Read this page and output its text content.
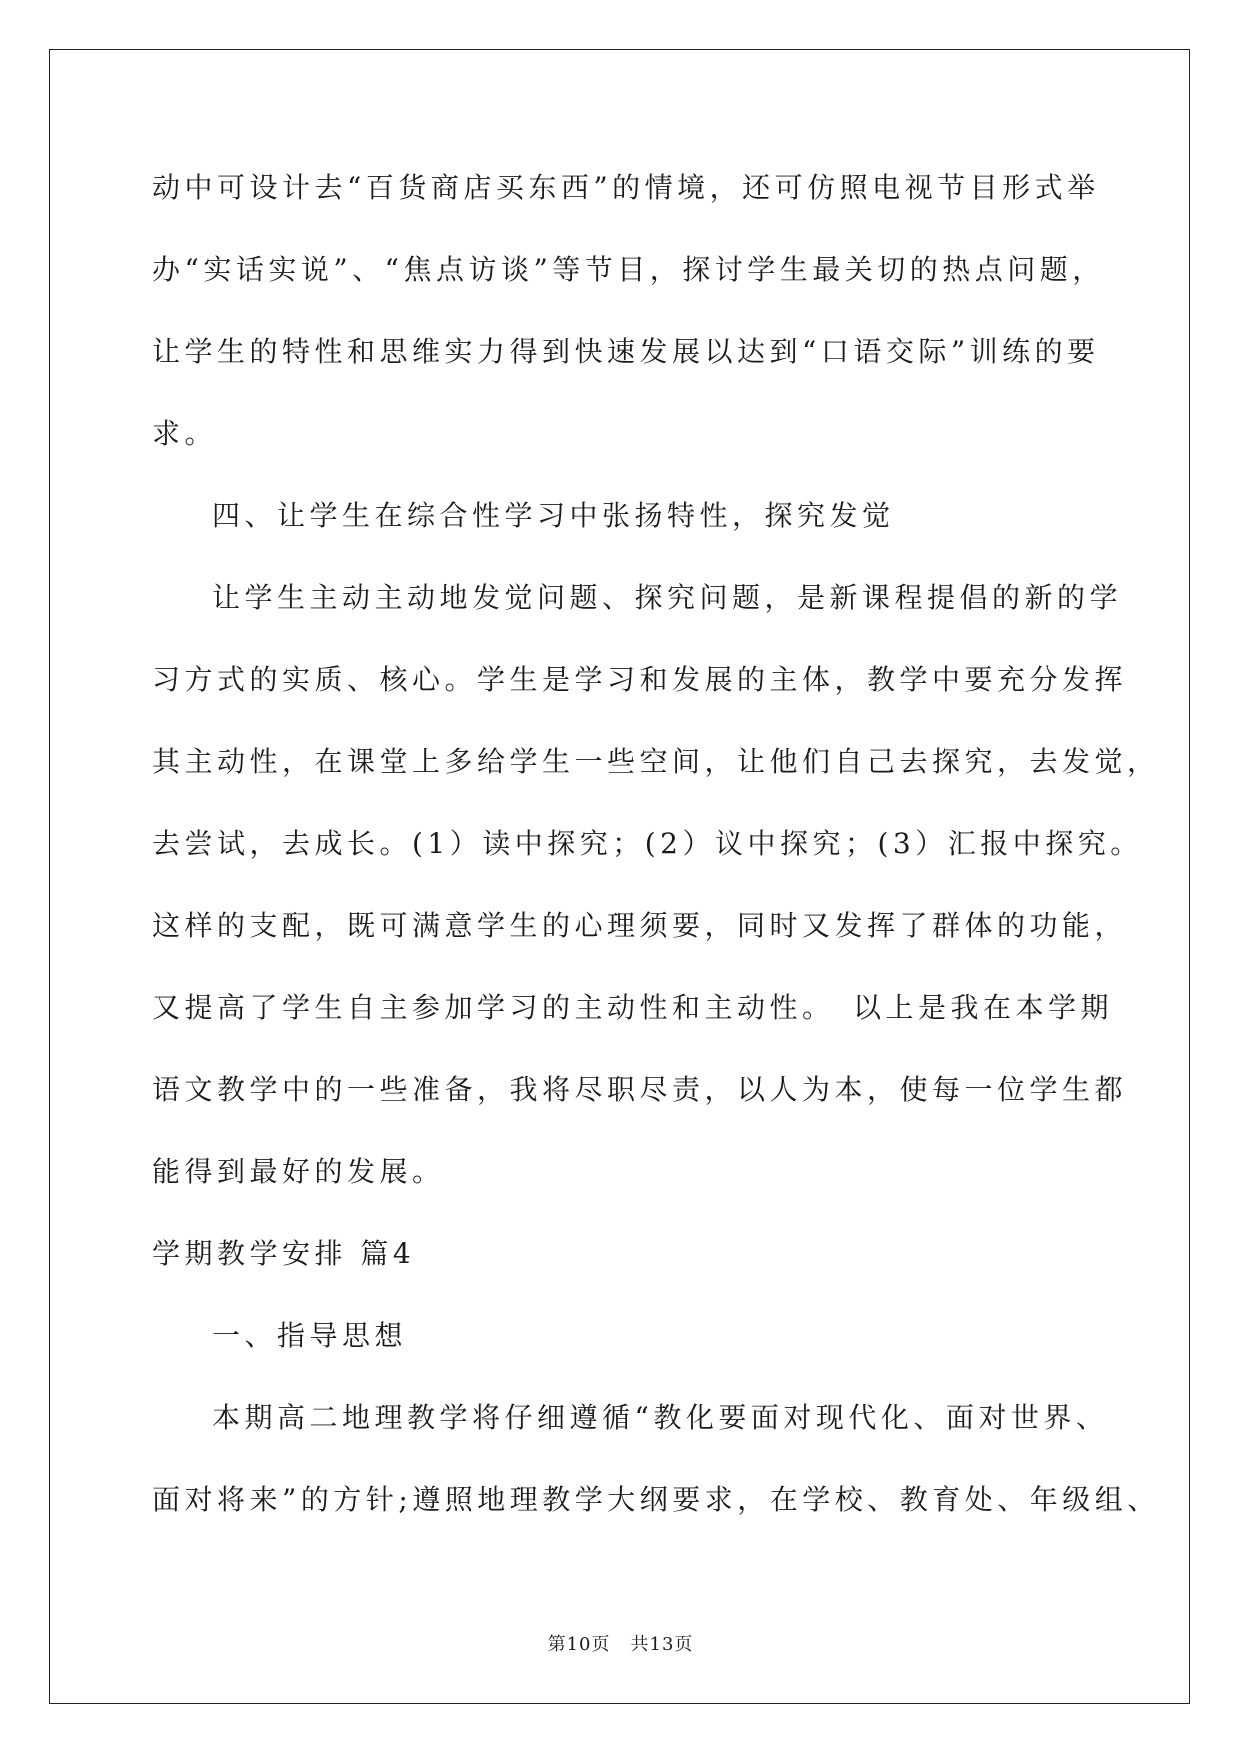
动中可设计去“百货商店买东西”的情境，还可仿照电视节目形式举
办“实话实说”、“焦点访谈”等节目，探讨学生最关切的热点问题，
让学生的特性和思维实力得到快速发展以达到“口语交际”训练的要
求。
四、让学生在综合性学习中张扬特性，探究发觉
让学生主动主动地发觉问题、探究问题，是新课程提倡的新的学
习方式的实质、核心。学生是学习和发展的主体，教学中要充分发挥
其主动性，在课堂上多给学生一些空间，让他们自己去探究，去发觉，
去尝试，去成长。(1）读中探究；(2）议中探究；(3）汇报中探究。
这样的支配，既可满意学生的心理须要，同时又发挥了群体的功能，
又提高了学生自主参加学习的主动性和主动性。　以上是我在本学期
语文教学中的一些准备，我将尽职尽责，以人为本，使每一位学生都
能得到最好的发展。
学期教学安排 篇4
一、指导思想
本期高二地理教学将仔细遵循“教化要面对现代化、面对世界、
面对将来”的方针;遵照地理教学大纲要求，在学校、教育处、年级组、
第10页 共13页
